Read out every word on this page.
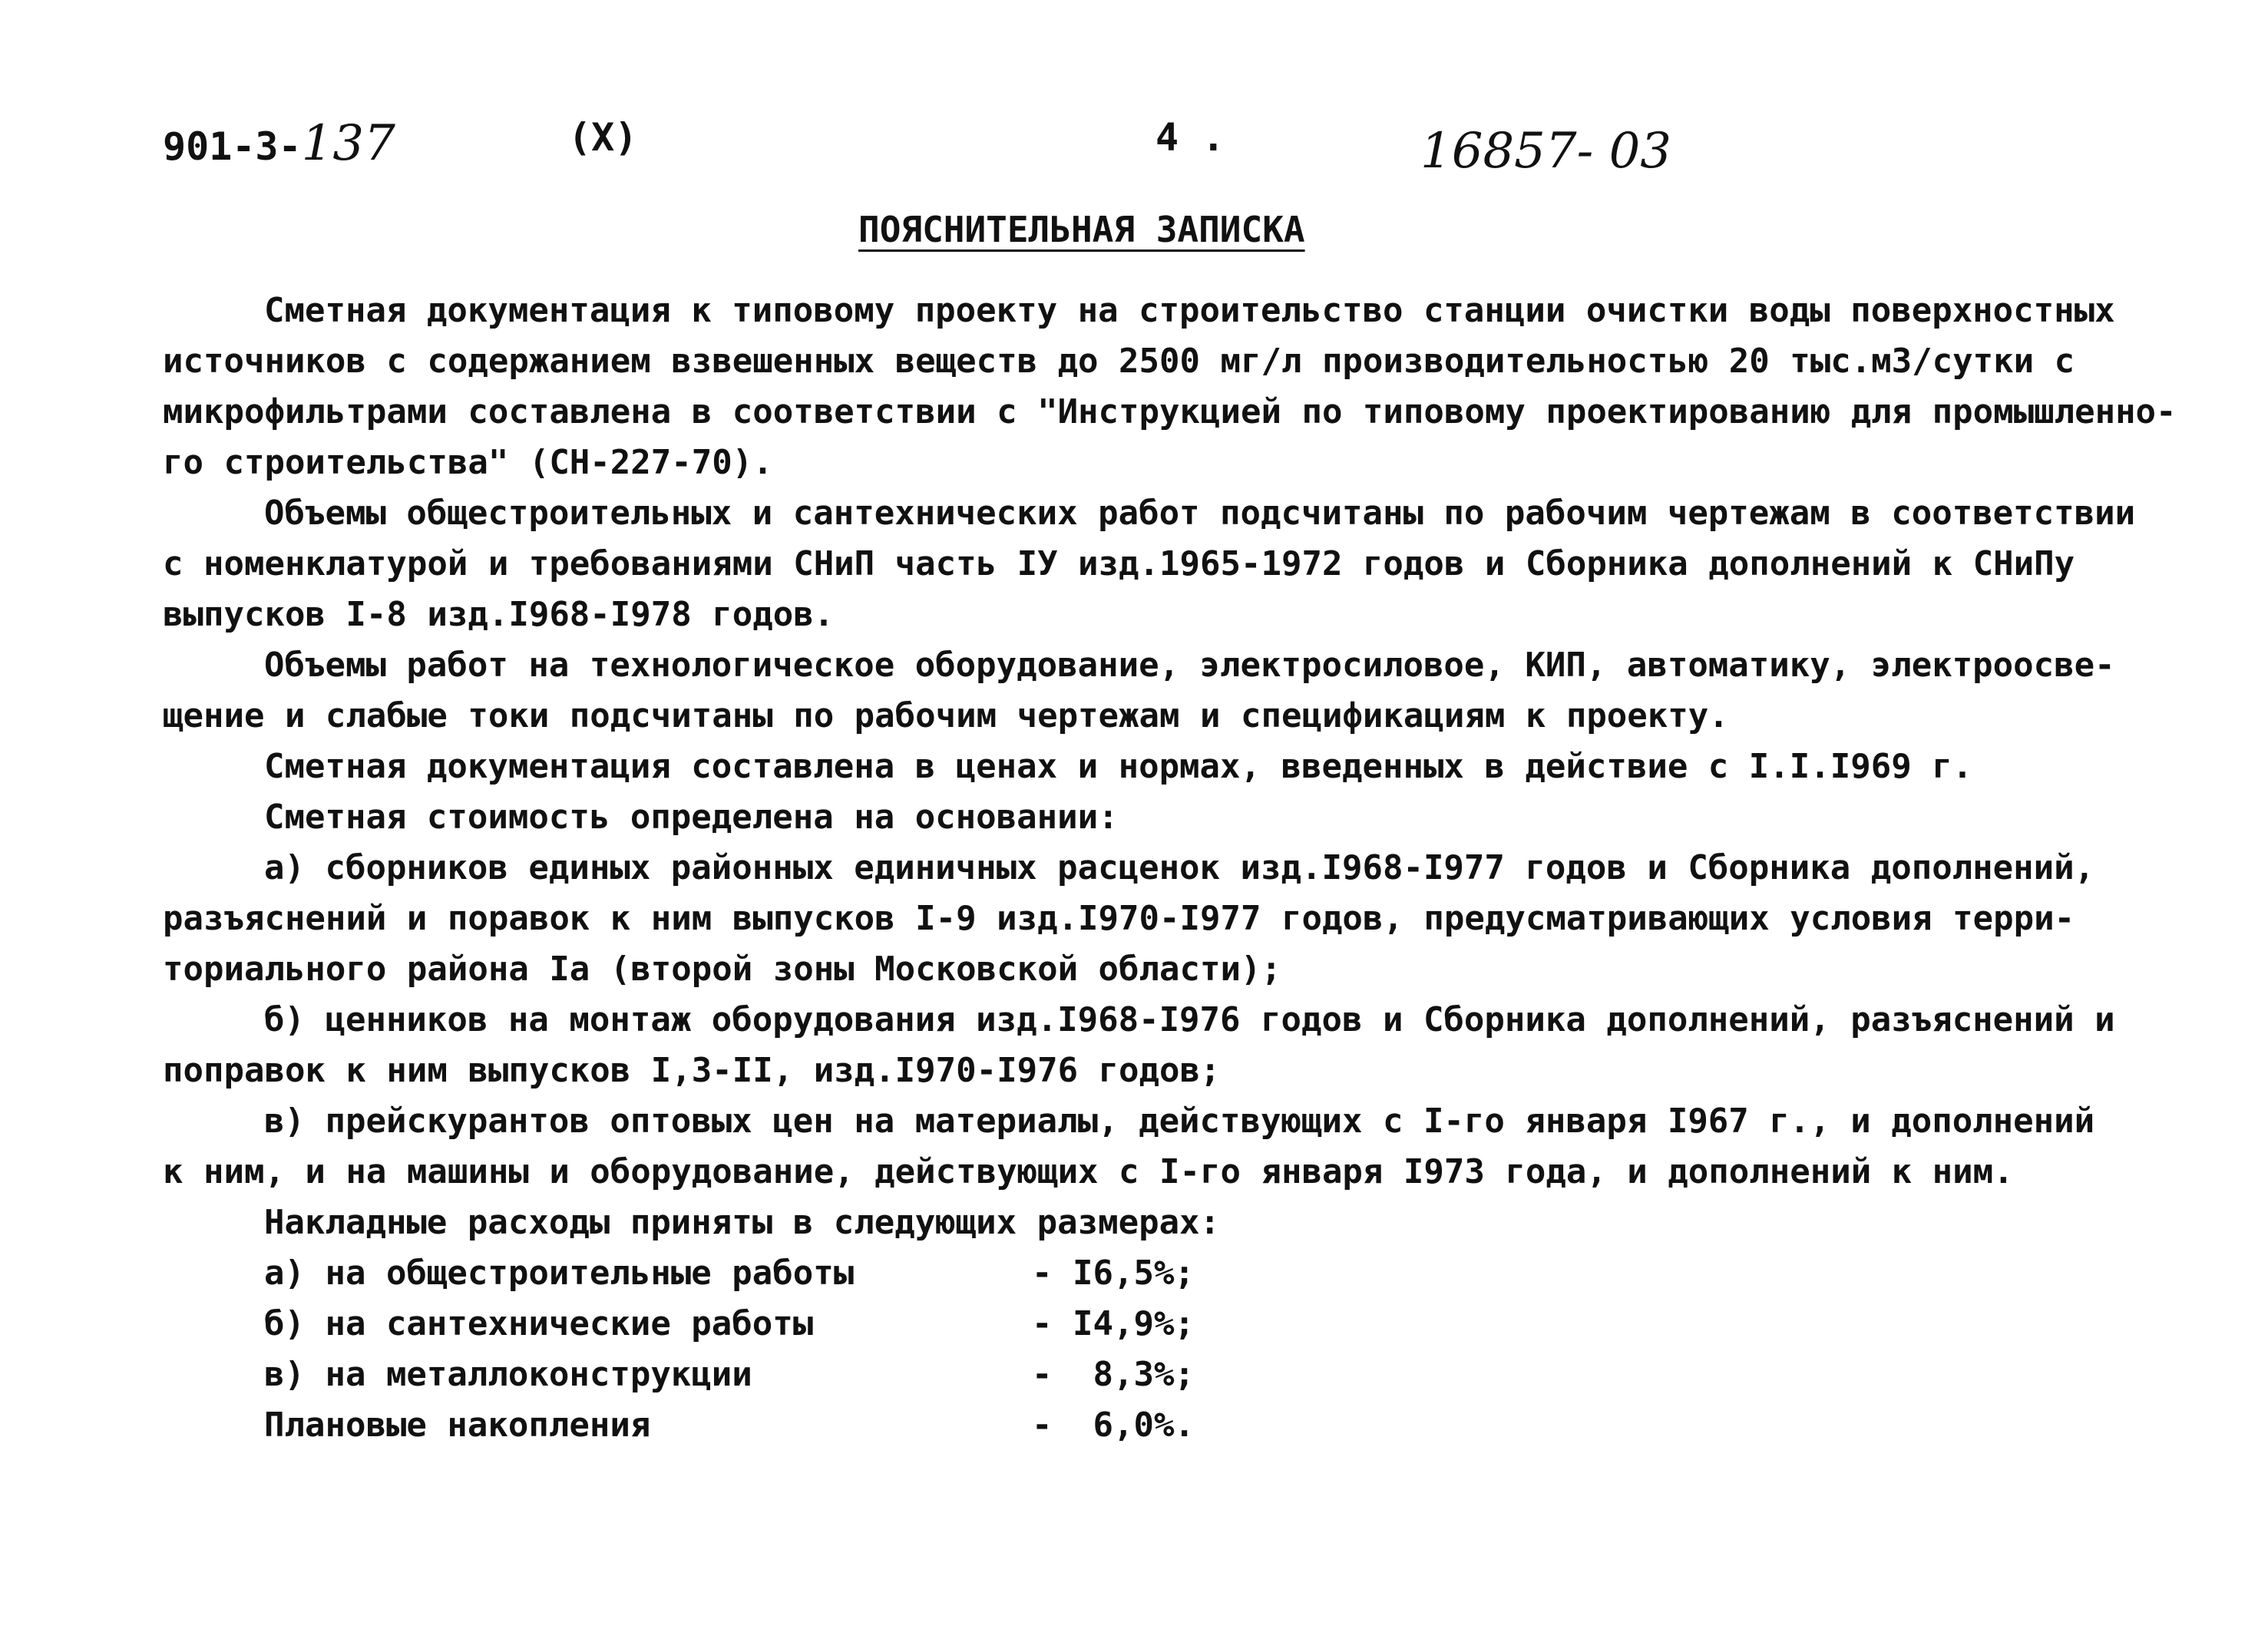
901-3-137	(X)	4 .	16857- 03
ПОЯСНИТЕЛЬНАЯ ЗАПИСКА
Сметная документация к типовому проекту на строительство станции очистки воды поверхностных
источников с содержанием взвешенных веществ до 2500 мг/л производительностью 20 тыс.м3/сутки с
микрофильтрами составлена в соответствии с "Инструкцией по типовому проектированию для промышленно-
го строительства" (СН-227-70).
Объемы общестроительных и сантехнических работ подсчитаны по рабочим чертежам в соответствии
с номенклатурой и требованиями СНиП часть IУ изд.1965-1972 годов и Сборника дополнений к СНиПу
выпусков I-8 изд.I968-I978 годов.
Объемы работ на технологическое оборудование, электросиловое, КИП, автоматику, электроосве-
щение и слабые токи подсчитаны по рабочим чертежам и спецификациям к проекту.
Сметная документация составлена в ценах и нормах, введенных в действие с I.I.I969 г.
Сметная стоимость определена на основании:
а) сборников единых районных единичных расценок изд.I968-I977 годов и Сборника дополнений,
разъяснений и поравок к ним выпусков I-9 изд.I970-I977 годов, предусматривающих условия терри-
ториального района Iа (второй зоны Московской области);
б) ценников на монтаж оборудования изд.I968-I976 годов и Сборника дополнений, разъяснений и
поправок к ним выпусков I,3-II, изд.I970-I976 годов;
в) прейскурантов оптовых цен на материалы, действующих с I-го января I967 г., и дополнений
к ним, и на машины и оборудование, действующих с I-го января I973 года, и дополнений к ним.
Накладные расходы приняты в следующих размерах:
а) на общестроительные работы	- I6,5%;
б) на сантехнические работы	- I4,9%;
в) на металлоконструкции	-  8,3%;
Плановые накопления	-  6,0%.
